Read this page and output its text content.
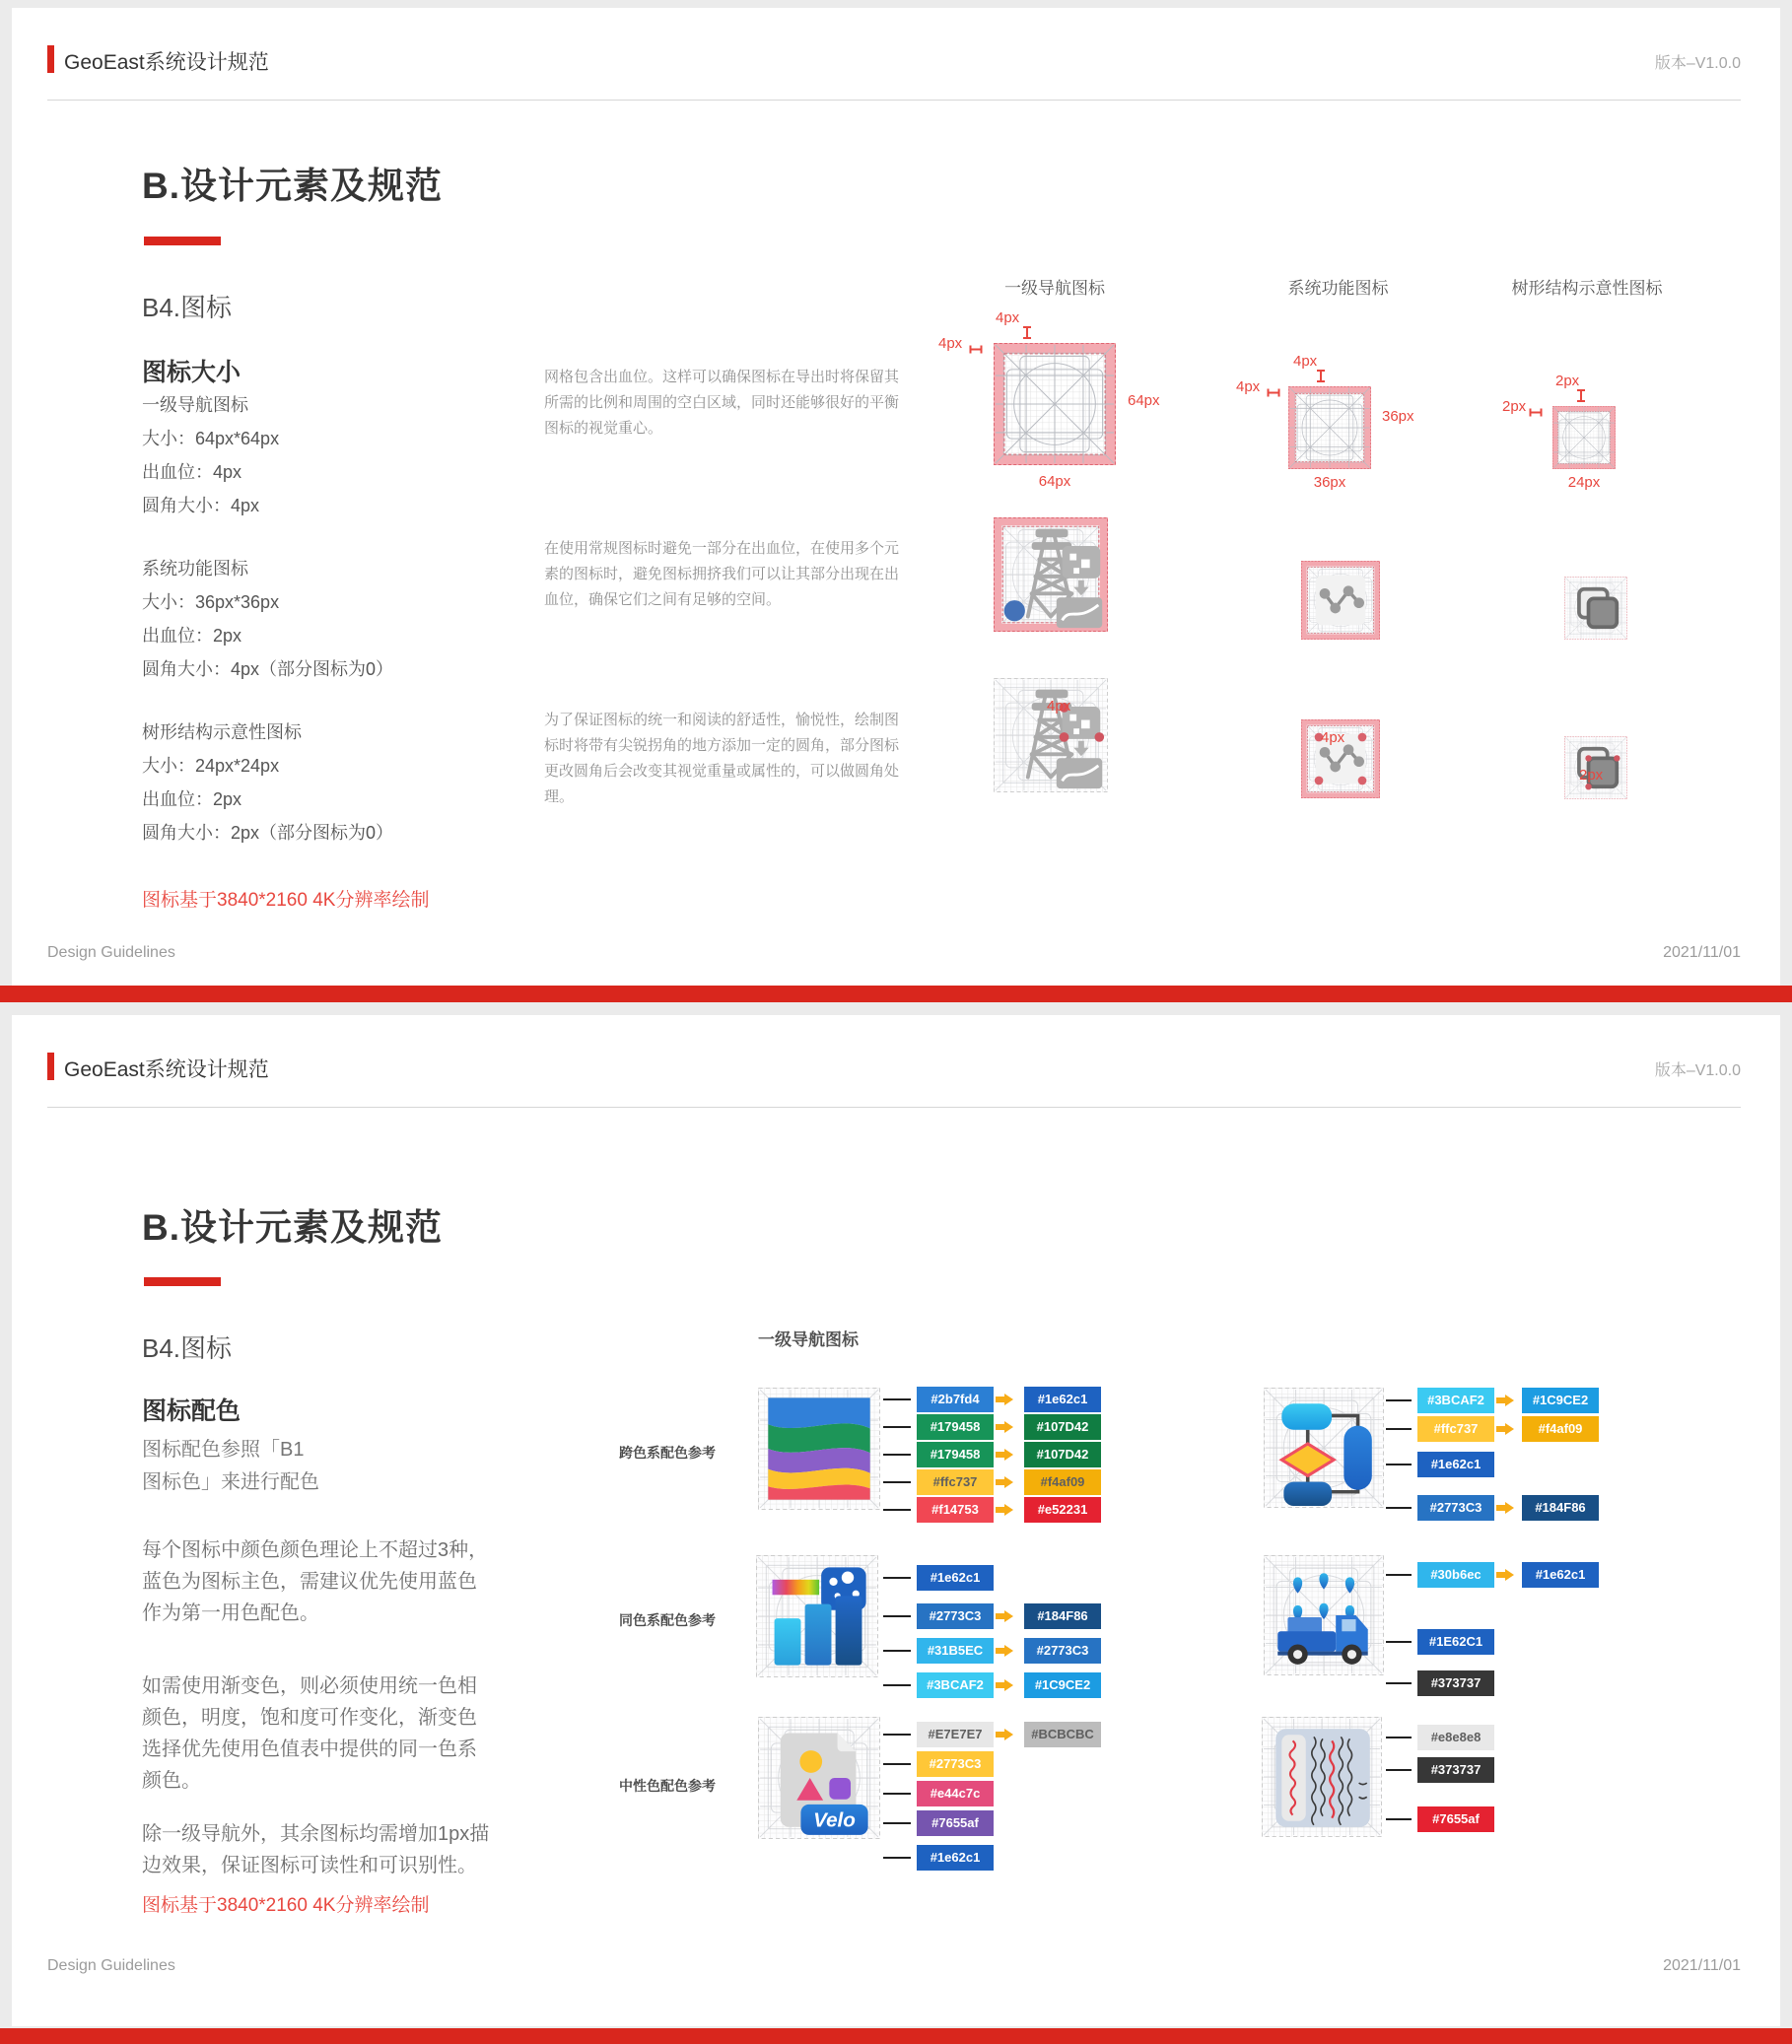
GeoEast系统设计规范	版本–V1.0.0
B.设计元素及规范
B4.图标
图标大小
一级导航图标
大小：64px*64px
出血位：4px
圆角大小：4px
系统功能图标
大小：36px*36px
出血位：2px
圆角大小：4px（部分图标为0）
树形结构示意性图标
大小：24px*24px
出血位：2px
圆角大小：2px（部分图标为0）
网格包含出血位。这样可以确保图标在导出时将保留其
所需的比例和周围的空白区域，同时还能够很好的平衡
图标的视觉重心。
在使用常规图标时避免一部分在出血位，在使用多个元
素的图标时，避免图标拥挤我们可以让其部分出现在出
血位，确保它们之间有足够的空间。
为了保证图标的统一和阅读的舒适性，愉悦性，绘制图
标时将带有尖锐拐角的地方添加一定的圆角，部分图标
更改圆角后会改变其视觉重量或属性的，可以做圆角处
理。
一级导航图标
4px
4px
64px
64px
4px
系统功能图标
4px
4px
36px
36px
4px
树形结构示意性图标
2px
2px
24px
2px
图标基于3840*2160 4K分辨率绘制
Design Guidelines	2021/11/01
GeoEast系统设计规范	版本–V1.0.0
B.设计元素及规范
B4.图标
图标配色
图标配色参照「B1
图标色」来进行配色
每个图标中颜色颜色理论上不超过3种，
蓝色为图标主色，需建议优先使用蓝色
作为第一用色配色。
如需使用渐变色，则必须使用统一色相
颜色，明度，饱和度可作变化，渐变色
选择优先使用色值表中提供的同一色系
颜色。
除一级导航外，其余图标均需增加1px描
边效果，保证图标可读性和可识别性。
一级导航图标
跨色系配色参考
#2b7fd4	#1e62c1
#179458	#107D42
#179458	#107D42
#ffc737	#f4af09
#f14753	#e52231
同色系配色参考
#1e62c1
#2773C3	#184F86
#31B5EC	#2773C3
#3BCAF2	#1C9CE2
Velo
中性色配色参考
#E7E7E7	#BCBCBC
#2773C3
#e44c7c
#7655af
#1e62c1
#3BCAF2	#1C9CE2
#ffc737	#f4af09
#1e62c1
#2773C3	#184F86
#30b6ec	#1e62c1
#1E62C1
#373737
#e8e8e8
#373737
#7655af
图标基于3840*2160 4K分辨率绘制
Design Guidelines	2021/11/01
